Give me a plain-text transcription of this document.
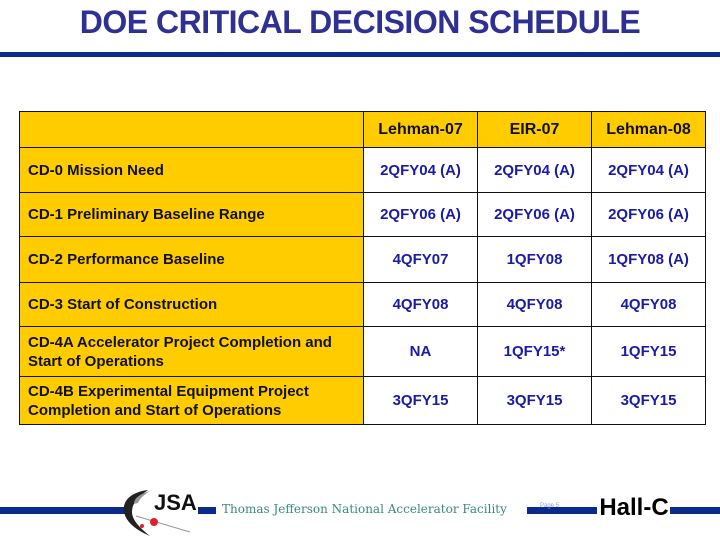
DOE CRITICAL DECISION SCHEDULE
	Lehman-07	EIR-07	Lehman-08
CD-0 Mission Need	2QFY04 (A)	2QFY04 (A)	2QFY04 (A)
CD-1 Preliminary Baseline Range	2QFY06 (A)	2QFY06 (A)	2QFY06 (A)
CD-2 Performance Baseline	4QFY07	1QFY08	1QFY08 (A)
CD-3 Start of Construction	4QFY08	4QFY08	4QFY08
CD-4A Accelerator Project Completion and Start of Operations	NA	1QFY15*	1QFY15
CD-4B Experimental Equipment Project Completion and Start of Operations	3QFY15	3QFY15	3QFY15
JSA Thomas Jefferson National Accelerator Facility	Page 5 Hall-C
